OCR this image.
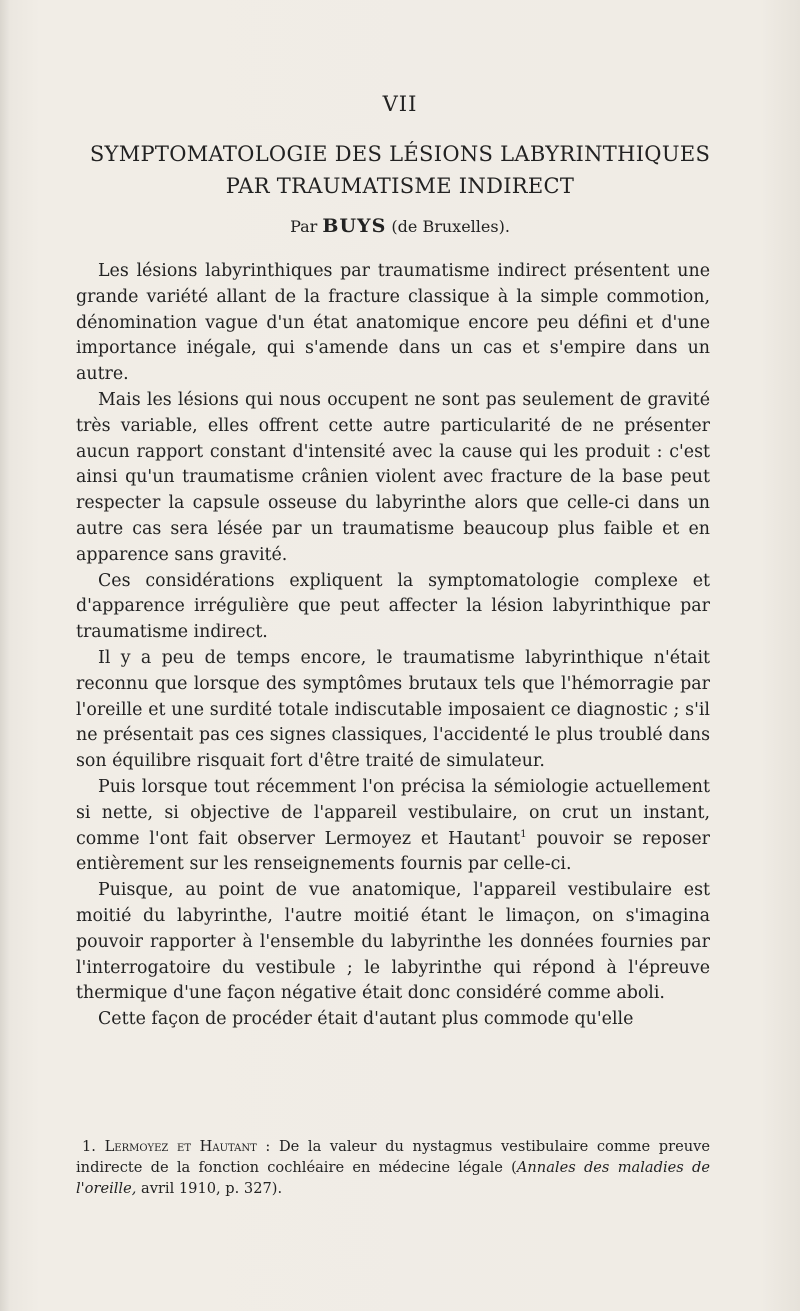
VII
SYMPTOMATOLOGIE DES LÉSIONS LABYRINTHIQUES
PAR TRAUMATISME INDIRECT
Par BUYS (de Bruxelles).

Les lésions labyrinthiques par traumatisme indirect présentent une grande variété allant de la fracture classique à la simple commotion, dénomination vague d'un état anatomique encore peu défini et d'une importance inégale, qui s'amende dans un cas et s'empire dans un autre.

Mais les lésions qui nous occupent ne sont pas seulement de gravité très variable, elles offrent cette autre particularité de ne présenter aucun rapport constant d'intensité avec la cause qui les produit : c'est ainsi qu'un traumatisme crânien violent avec fracture de la base peut respecter la capsule osseuse du labyrinthe alors que celle-ci dans un autre cas sera lésée par un traumatisme beaucoup plus faible et en apparence sans gravité.

Ces considérations expliquent la symptomatologie complexe et d'apparence irrégulière que peut affecter la lésion labyrinthique par traumatisme indirect.

Il y a peu de temps encore, le traumatisme labyrinthique n'était reconnu que lorsque des symptômes brutaux tels que l'hémorragie par l'oreille et une surdité totale indiscutable imposaient ce diagnostic ; s'il ne présentait pas ces signes classiques, l'accidenté le plus troublé dans son équilibre risquait fort d'être traité de simulateur.

Puis lorsque tout récemment l'on précisa la sémiologie actuellement si nette, si objective de l'appareil vestibulaire, on crut un instant, comme l'ont fait observer Lermoyez et Hautant$^1$ pouvoir se reposer entièrement sur les renseignements fournis par celle-ci.

Puisque, au point de vue anatomique, l'appareil vestibulaire est moitié du labyrinthe, l'autre moitié étant le limaçon, on s'imagina pouvoir rapporter à l'ensemble du labyrinthe les données fournies par l'interrogatoire du vestibule ; le labyrinthe qui répond à l'épreuve thermique d'une façon négative était donc considéré comme aboli.

Cette façon de procéder était d'autant plus commode qu'elle

1. Lermoyez et Hautant : De la valeur du nystagmus vestibulaire comme preuve indirecte de la fonction cochléaire en médecine légale (Annales des maladies de l'oreille, avril 1910, p. 327).
